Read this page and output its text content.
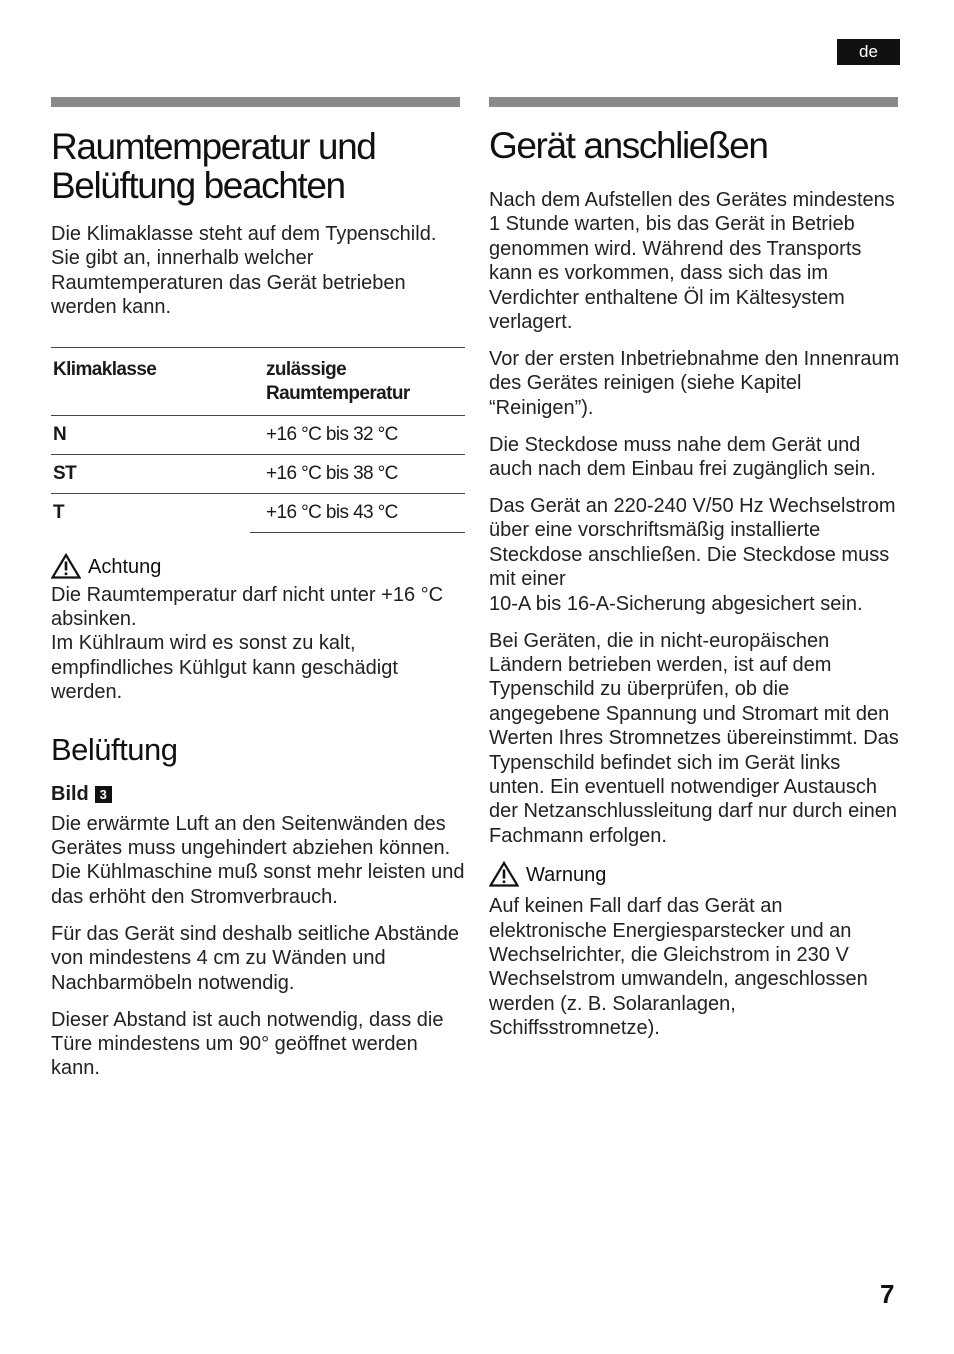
de
Raumtemperatur und
Belüftung beachten

Die Klimaklasse steht auf dem Typenschild. Sie gibt an, innerhalb welcher Raumtemperaturen das Gerät betrieben werden kann.

Klimaklasse	zulässige
Raumtemperatur
N	+16 °C bis 32 °C
ST	+16 °C bis 38 °C
T	+16 °C bis 43 °C
Achtung

Die Raumtemperatur darf nicht unter +16 °C absinken.

Im Kühlraum wird es sonst zu kalt, empfindliches Kühlgut kann geschädigt werden.

Belüftung
Bild 3

Die erwärmte Luft an den Seitenwänden des Gerätes muss ungehindert abziehen können. Die Kühlmaschine muß sonst mehr leisten und das erhöht den Stromverbrauch.

Für das Gerät sind deshalb seitliche Abstände von mindestens 4 cm zu Wänden und Nachbarmöbeln notwendig.

Dieser Abstand ist auch notwendig, dass die Türe mindestens um 90° geöffnet werden kann.

Gerät anschließen

Nach dem Aufstellen des Gerätes mindestens 1 Stunde warten, bis das Gerät in Betrieb genommen wird. Während des Transports kann es vorkommen, dass sich das im Verdichter enthaltene Öl im Kältesystem verlagert.

Vor der ersten Inbetriebnahme den Innenraum des Gerätes reinigen (siehe Kapitel “Reinigen”).

Die Steckdose muss nahe dem Gerät und auch nach dem Einbau frei zugänglich sein.

Das Gerät an 220-240 V/50 Hz Wechselstrom über eine vorschriftsmäßig installierte Steckdose anschließen. Die Steckdose muss mit einer

10-A bis 16-A-Sicherung abgesichert sein.

Bei Geräten, die in nicht-europäischen Ländern betrieben werden, ist auf dem Typenschild zu überprüfen, ob die angegebene Spannung und Stromart mit den Werten Ihres Stromnetzes übereinstimmt. Das Typenschild befindet sich im Gerät links unten. Ein eventuell notwendiger Austausch der Netzanschlussleitung darf nur durch einen Fachmann erfolgen.

Warnung

Auf keinen Fall darf das Gerät an elektronische Energiesparstecker und an Wechselrichter, die Gleichstrom in 230 V Wechselstrom umwandeln, angeschlossen werden (z. B. Solaranlagen, Schiffsstromnetze).

7
